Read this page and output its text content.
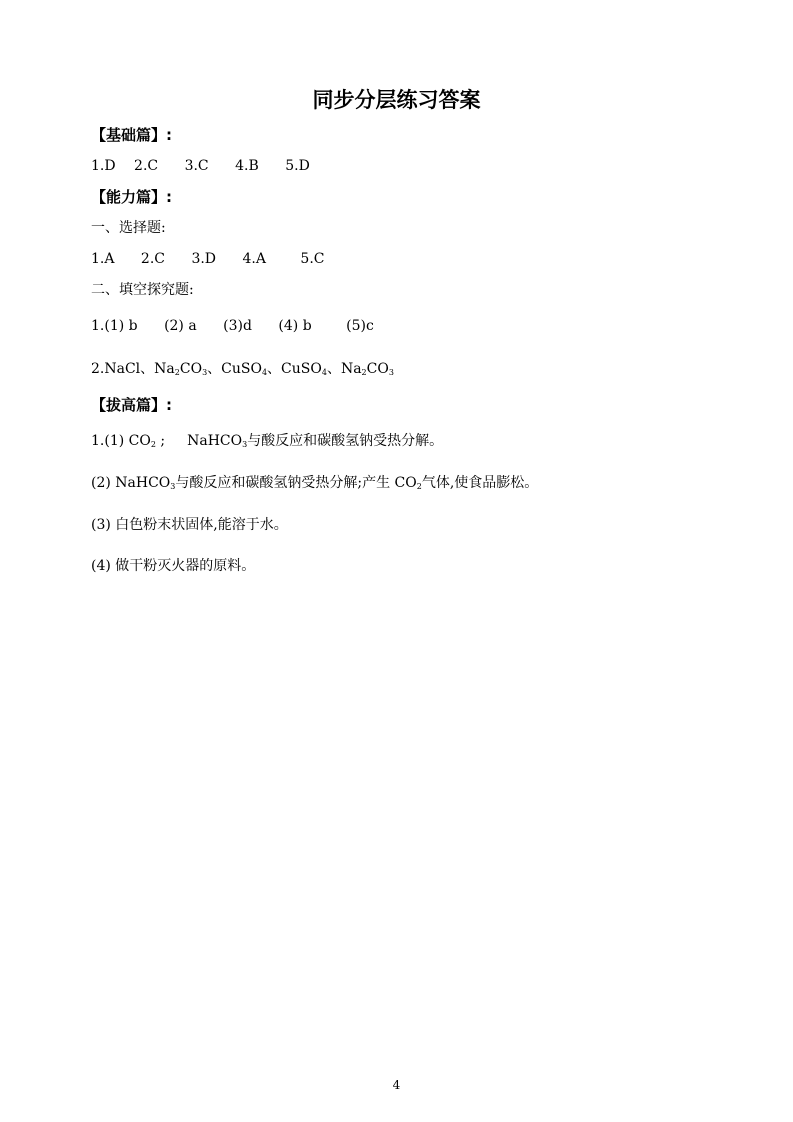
同步分层练习答案
【基础篇】:
1.D 2.C 3.C 4.B 5.D
【能力篇】:
一、选择题:
1.A 2.C 3.D 4.A 5.C
二、填空探究题:
1.(1) b (2) a (3)d (4) b (5)c
2.NaCl、$Na_2CO_3$、CuSO$_4$、CuSO$_4$、$Na_2CO_3$
【拔高篇】:
1.(1) $CO_2$ ; NaHCO$_3$与酸反应和碳酸氢钠受热分解。
(2) NaHCO$_3$与酸反应和碳酸氢钠受热分解;产生 $CO_2$气体,使食品膨松。
(3) 白色粉末状固体,能溶于水。
(4) 做干粉灭火器的原料。
4
